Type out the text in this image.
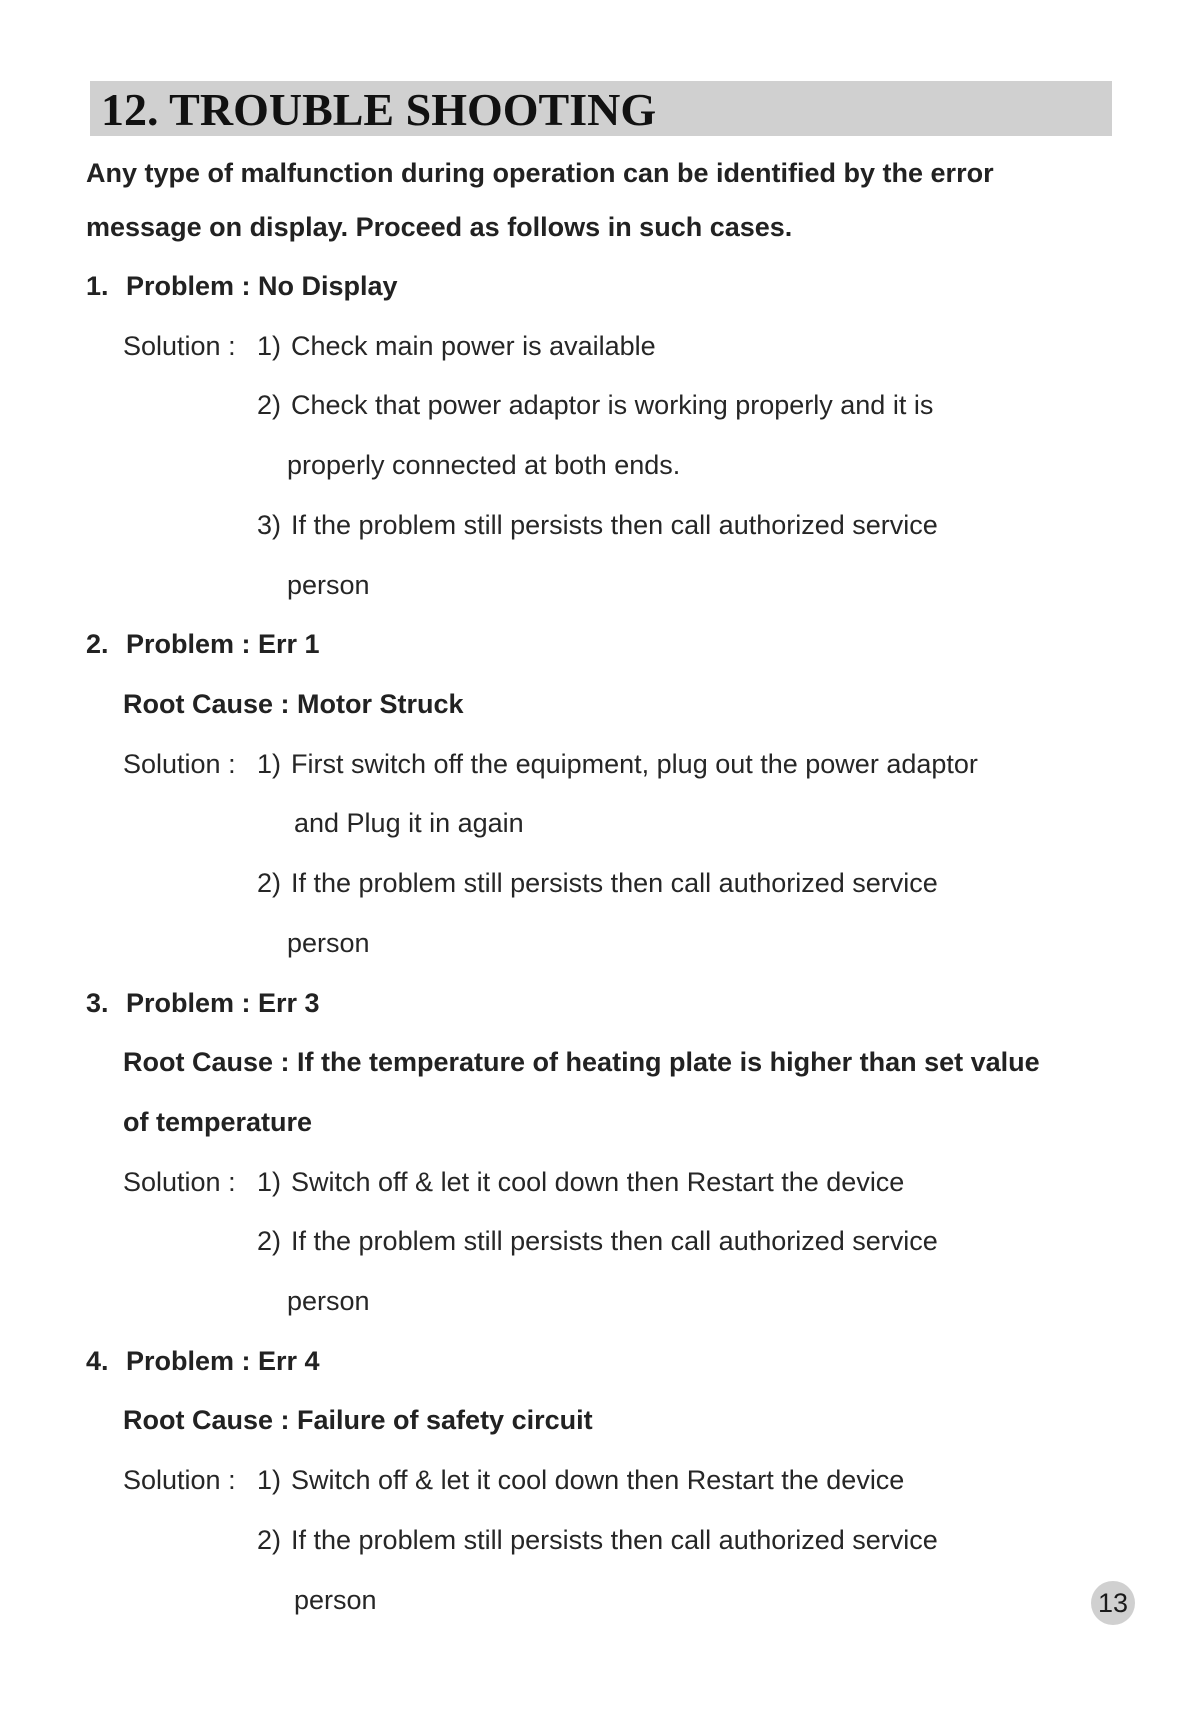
12. TROUBLE SHOOTING
Any type of malfunction during operation can be identified by the error
message on display. Proceed as follows in such cases.
1. Problem : No Display
Solution : 1) Check main power is available
2) Check that power adaptor is working properly and it is
properly connected at both ends.
3) If the problem still persists then call authorized service
person
2. Problem : Err 1
Root Cause : Motor Struck
Solution : 1) First switch off the equipment, plug out the power adaptor
and Plug it in again
2) If the problem still persists then call authorized service
person
3. Problem : Err 3
Root Cause : If the temperature of heating plate is higher than set value
of temperature
Solution : 1) Switch off & let it cool down then Restart the device
2) If the problem still persists then call authorized service
person
4. Problem : Err 4
Root Cause : Failure of safety circuit
Solution : 1) Switch off & let it cool down then Restart the device
2) If the problem still persists then call authorized service
person	13
